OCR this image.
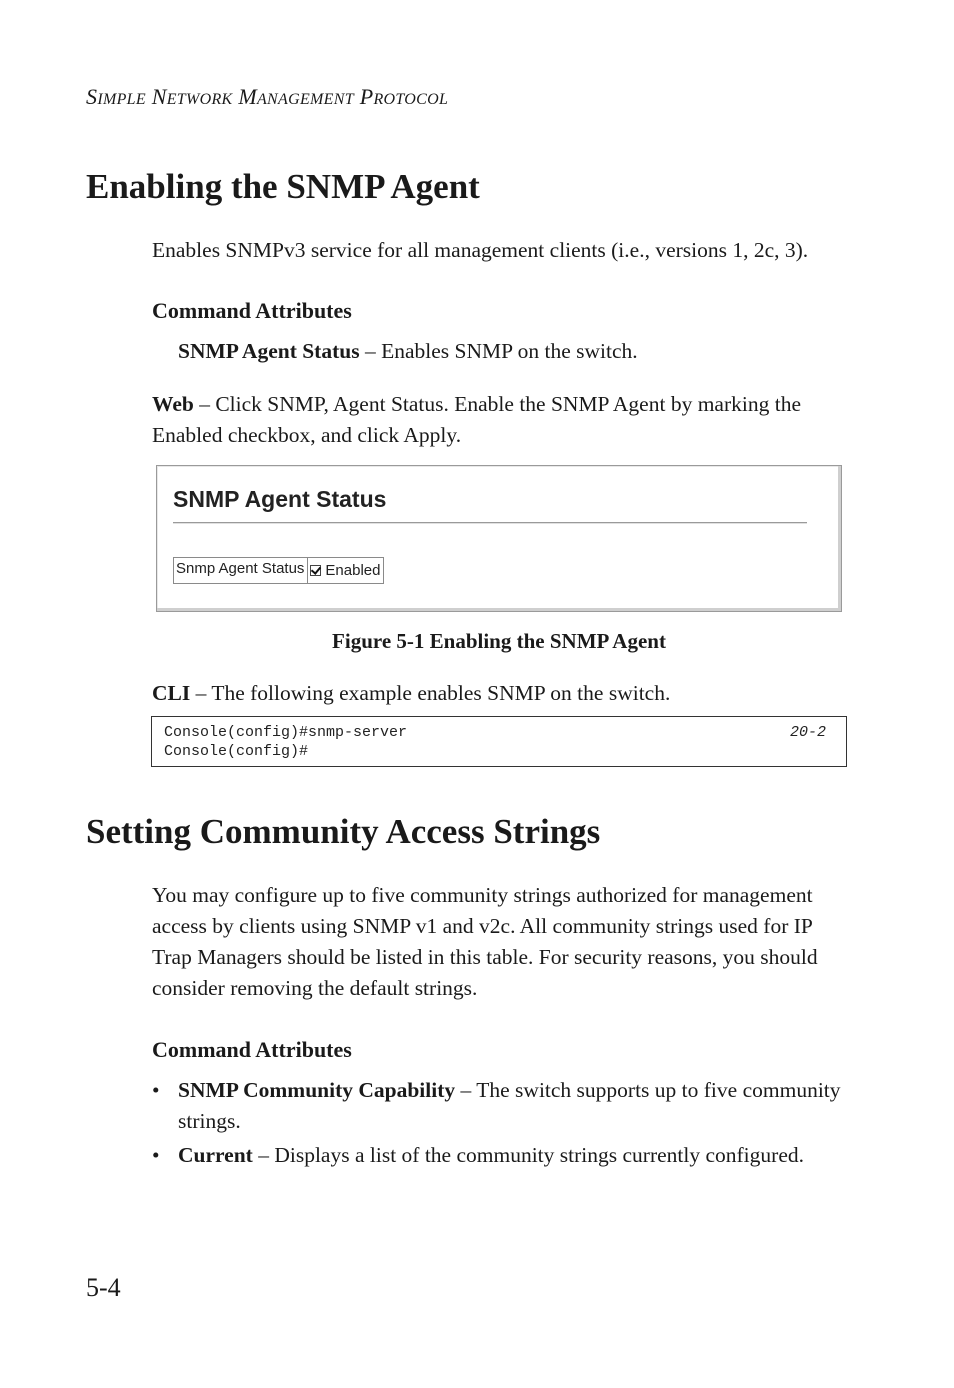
SIMPLE NETWORK MANAGEMENT PROTOCOL
Enabling the SNMP Agent

Enables SNMPv3 service for all management clients (i.e., versions 1, 2c, 3).

Command Attributes

SNMP Agent Status – Enables SNMP on the switch.

Web – Click SNMP, Agent Status. Enable the SNMP Agent by marking the Enabled checkbox, and click Apply.

SNMP Agent Status
Snmp Agent Status Enabled
Figure 5-1 Enabling the SNMP Agent

CLI – The following example enables SNMP on the switch.

Console(config)#snmp-server	20-2
Console(config)#
Setting Community Access Strings

You may configure up to five community strings authorized for management access by clients using SNMP v1 and v2c. All community strings used for IP Trap Managers should be listed in this table. For security reasons, you should consider removing the default strings.

Command Attributes
• SNMP Community Capability – The switch supports up to five community strings.
• Current – Displays a list of the community strings currently configured.
5-4
